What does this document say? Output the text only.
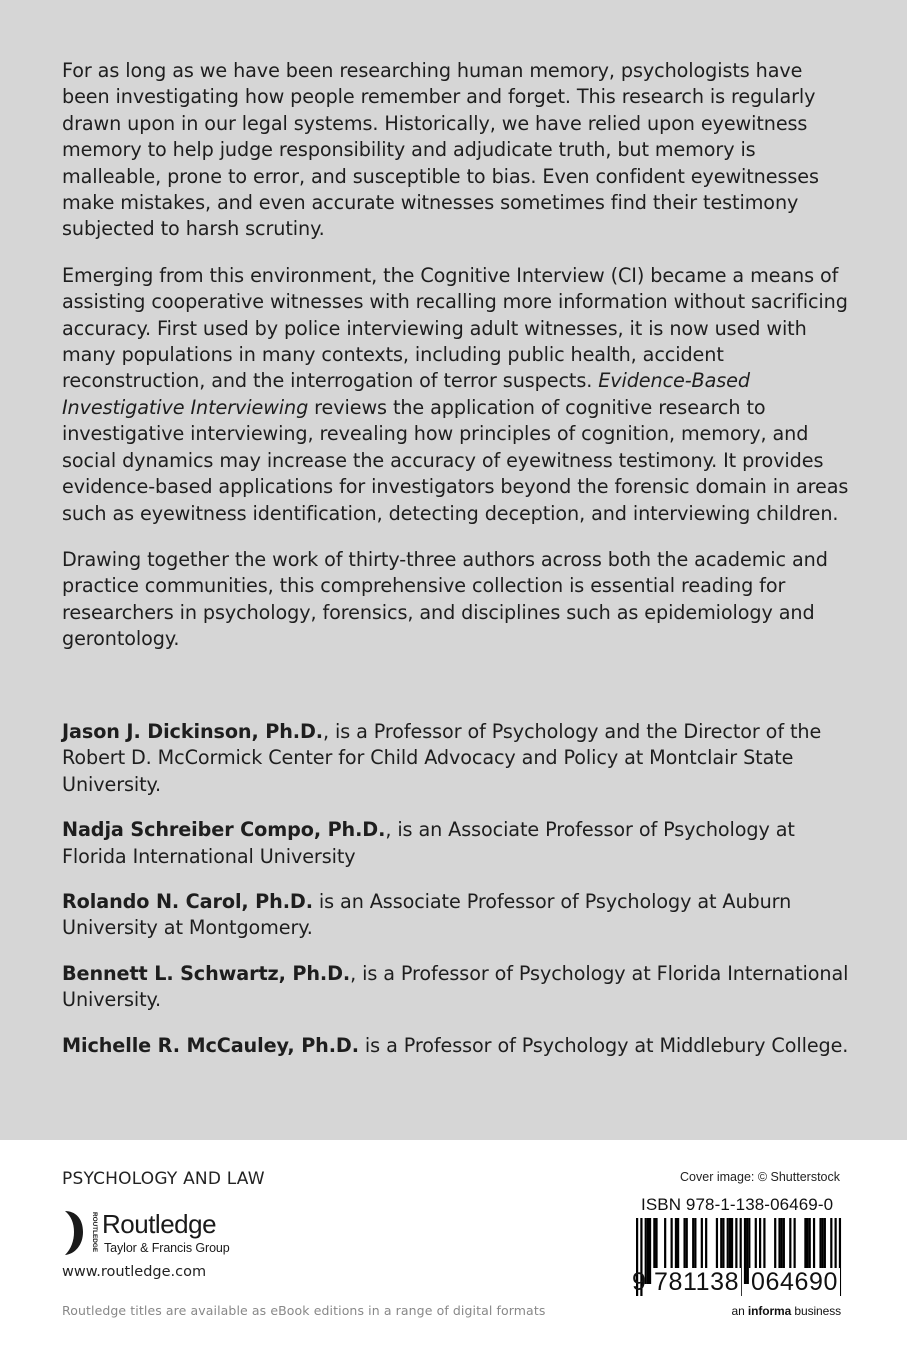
For as long as we have been researching human memory, psychologists have been investigating how people remember and forget. This research is regularly drawn upon in our legal systems. Historically, we have relied upon eyewitness memory to help judge responsibility and adjudicate truth, but memory is malleable, prone to error, and susceptible to bias. Even confident eyewitnesses make mistakes, and even accurate witnesses sometimes find their testimony subjected to harsh scrutiny.

Emerging from this environment, the Cognitive Interview (CI) became a means of assisting cooperative witnesses with recalling more information without sacrificing accuracy. First used by police interviewing adult witnesses, it is now used with many populations in many contexts, including public health, accident reconstruction, and the interrogation of terror suspects. Evidence-Based Investigative Interviewing reviews the application of cognitive research to investigative interviewing, revealing how principles of cognition, memory, and social dynamics may increase the accuracy of eyewitness testimony. It provides evidence-based applications for investigators beyond the forensic domain in areas such as eyewitness identification, detecting deception, and interviewing children.

Drawing together the work of thirty-three authors across both the academic and practice communities, this comprehensive collection is essential reading for researchers in psychology, forensics, and disciplines such as epidemiology and gerontology.

Jason J. Dickinson, Ph.D., is a Professor of Psychology and the Director of the Robert D. McCormick Center for Child Advocacy and Policy at Montclair State University.

Nadja Schreiber Compo, Ph.D., is an Associate Professor of Psychology at Florida International University

Rolando N. Carol, Ph.D. is an Associate Professor of Psychology at Auburn University at Montgomery.

Bennett L. Schwartz, Ph.D., is a Professor of Psychology at Florida International University.

Michelle R. McCauley, Ph.D. is a Professor of Psychology at Middlebury College.

PSYCHOLOGY AND LAW
ROUTLEDGE Routledge
Taylor & Francis Group
www.routledge.com
Routledge titles are available as eBook editions in a range of digital formats
Cover image: © Shutterstock
ISBN 978-1-138-06469-0
9 781138 064690
an informa business
